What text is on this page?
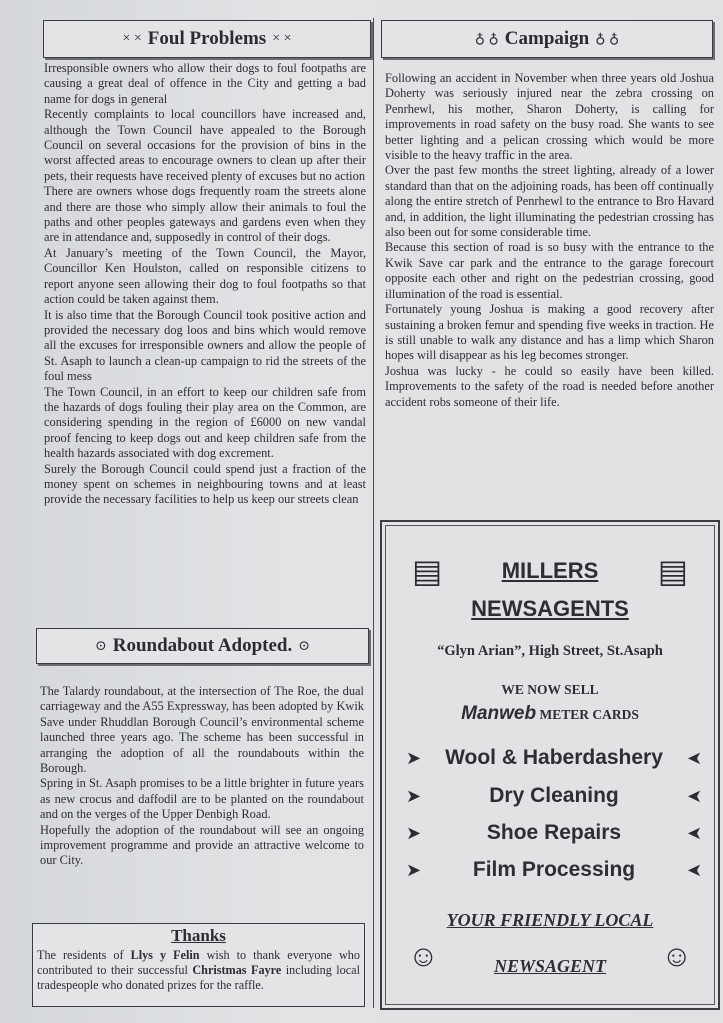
× × Foul Problems × ×

Irresponsible owners who allow their dogs to foul footpaths are causing a great deal of offence in the City and getting a bad name for dogs in general

Recently complaints to local councillors have increased and, although the Town Council have appealed to the Borough Council on several occasions for the provision of bins in the worst affected areas to encourage owners to clean up after their pets, their requests have received plenty of excuses but no action

There are owners whose dogs frequently roam the streets alone and there are those who simply allow their animals to foul the paths and other peoples gateways and gardens even when they are in attendance and, supposedly in control of their dogs.

At January’s meeting of the Town Council, the Mayor, Councillor Ken Houlston, called on responsible citizens to report anyone seen allowing their dog to foul footpaths so that action could be taken against them.

It is also time that the Borough Council took positive action and provided the necessary dog loos and bins which would remove all the excuses for irresponsible owners and allow the people of St. Asaph to launch a clean-up campaign to rid the streets of the foul mess

The Town Council, in an effort to keep our children safe from the hazards of dogs fouling their play area on the Common, are considering spending in the region of £6000 on new vandal proof fencing to keep dogs out and keep children safe from the health hazards associated with dog excrement.

Surely the Borough Council could spend just a fraction of the money spent on schemes in neighbouring towns and at least provide the necessary facilities to help us keep our streets clean

♁ ♁ Campaign ♁ ♁

Following an accident in November when three years old Joshua Doherty was seriously injured near the zebra crossing on Penrhewl, his mother, Sharon Doherty, is calling for improvements in road safety on the busy road. She wants to see better lighting and a pelican crossing which would be more visible to the heavy traffic in the area.

Over the past few months the street lighting, already of a lower standard than that on the adjoining roads, has been off continually along the entire stretch of Penrhewl to the entrance to Bro Havard and, in addition, the light illuminating the pedestrian crossing has also been out for some considerable time.

Because this section of road is so busy with the entrance to the Kwik Save car park and the entrance to the garage forecourt opposite each other and right on the pedestrian crossing, good illumination of the road is essential.

Fortunately young Joshua is making a good recovery after sustaining a broken femur and spending five weeks in traction. He is still unable to walk any distance and has a limp which Sharon hopes will disappear as his leg becomes stronger.

Joshua was lucky - he could so easily have been killed. Improvements to the safety of the road is needed before another accident robs someone of their life.

⊙ Roundabout Adopted. ⊙

The Talardy roundabout, at the intersection of The Roe, the dual carriageway and the A55 Expressway, has been adopted by Kwik Save under Rhuddlan Borough Council’s environmental scheme launched three years ago. The scheme has been successful in arranging the adoption of all the roundabouts within the Borough.

Spring in St. Asaph promises to be a little brighter in future years as new crocus and daffodil are to be planted on the roundabout and on the verges of the Upper Denbigh Road.

Hopefully the adoption of the roundabout will see an ongoing improvement programme and provide an attractive welcome to our City.

Thanks
The residents of Llys y Felin wish to thank everyone who contributed to their successful Christmas Fayre including local tradespeople who donated prizes for the raffle.
▤	▤
MILLERS
NEWSAGENTS
“Glyn Arian”, High Street, St.Asaph
WE NOW SELL
Manweb METER CARDS
➤	Wool & Haberdashery	➤
➤	Dry Cleaning	➤
➤	Shoe Repairs	➤
➤	Film Processing	➤
YOUR FRIENDLY LOCAL
☺	☺
NEWSAGENT
